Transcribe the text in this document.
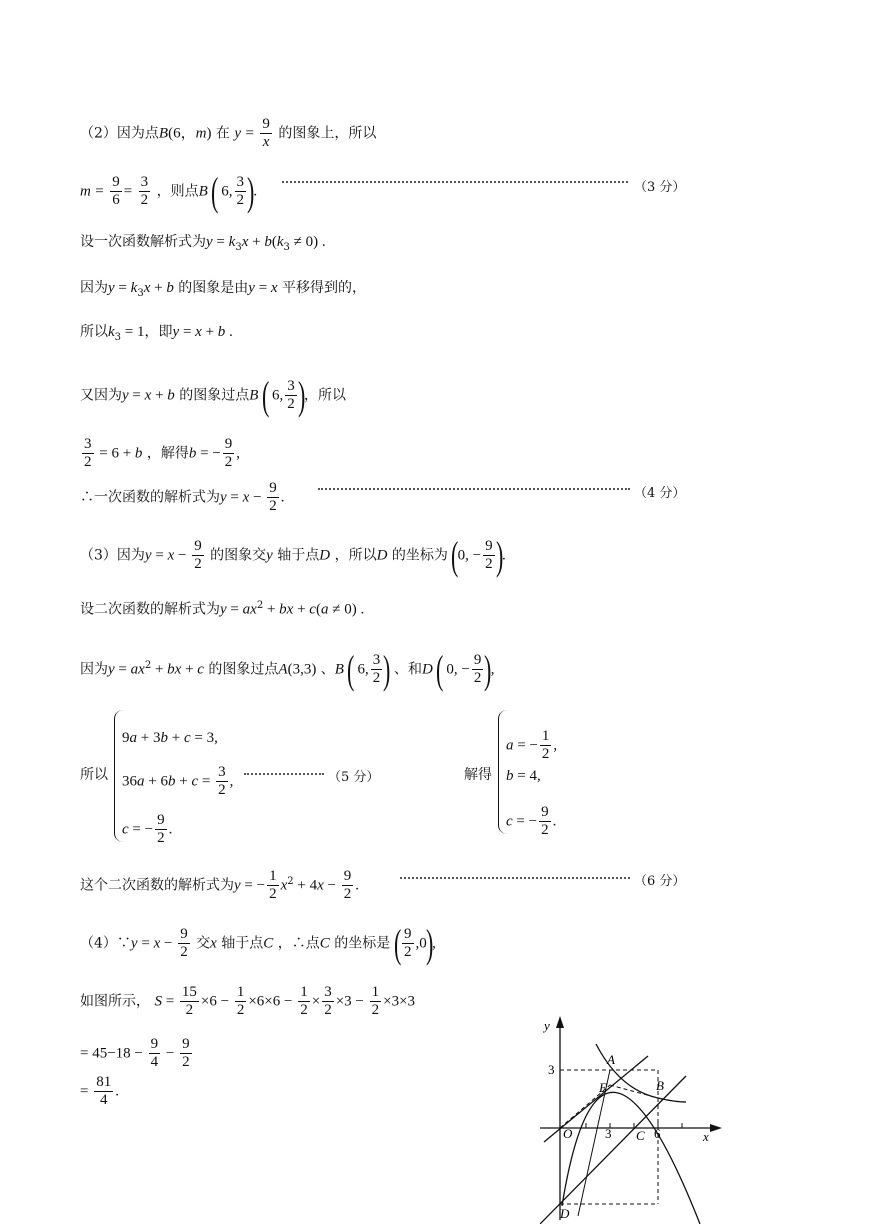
（2）因为点B(6，m) 在 $y = \frac{9}{x}$ 的图象上，所以
$m = \frac{9}{6} = \frac{3}{2}$ ，则点B ( 6, $\frac{3}{2}$ ).	（3 分）
设一次函数解析式为$y = k_3x + b(k_3 \ne 0)$ .
因为$y = k_3x + b$ 的图象是由y = x 平移得到的，
所以$k_3 = 1$，即y = x + b .
又因为y = x + b 的图象过点B ( 6, $\frac{3}{2}$ )，所以
$\frac{3}{2} = 6 + b$ ，解得b = − $\frac{9}{2}$ ,
∴一次函数的解析式为$y = x - \frac{9}{2}$ .	（4 分）
（3）因为$y = x - \frac{9}{2}$ 的图象交y 轴于点D ，所以D 的坐标为 (0, − $\frac{9}{2}$ ).
设二次函数的解析式为$y = ax^2$ + bx + c(a ≠ 0) .
因为$y = ax^2$ + bx + c 的图象过点A(3,3) 、B ( 6, $\frac{3}{2}$ ) 、和D ( 0, − $\frac{9}{2}$ ),
所以
9a + 3b + c = 3,
$36a + 6b + c = \frac{3}{2}$ ,	（5 分）
c = − $\frac{9}{2}$ .
解得
a = − $\frac{1}{2}$ ,
b = 4,
c = − $\frac{9}{2}$ .
这个二次函数的解析式为y = − $\frac{1}{2} x^2 + 4x - \frac{9}{2}$ .	（6 分）
（4）∵y = $x - \frac{9}{2}$ 交x 轴于点C ，∴点C 的坐标是 ( $\frac{9}{2} ,0$),
如图所示， $S = \frac{15}{2} \times 6 - \frac{1}{2} \times 6\times 6 - \frac{1}{2} \times \frac{3}{2} \times 3 - \frac{1}{2} \times 3\times 3$
= $45-18 - \frac{9}{4} - \frac{9}{2}$
= $\frac{81}{4}$ .
y
x
3
O	3 C 6
A
B
E
D
